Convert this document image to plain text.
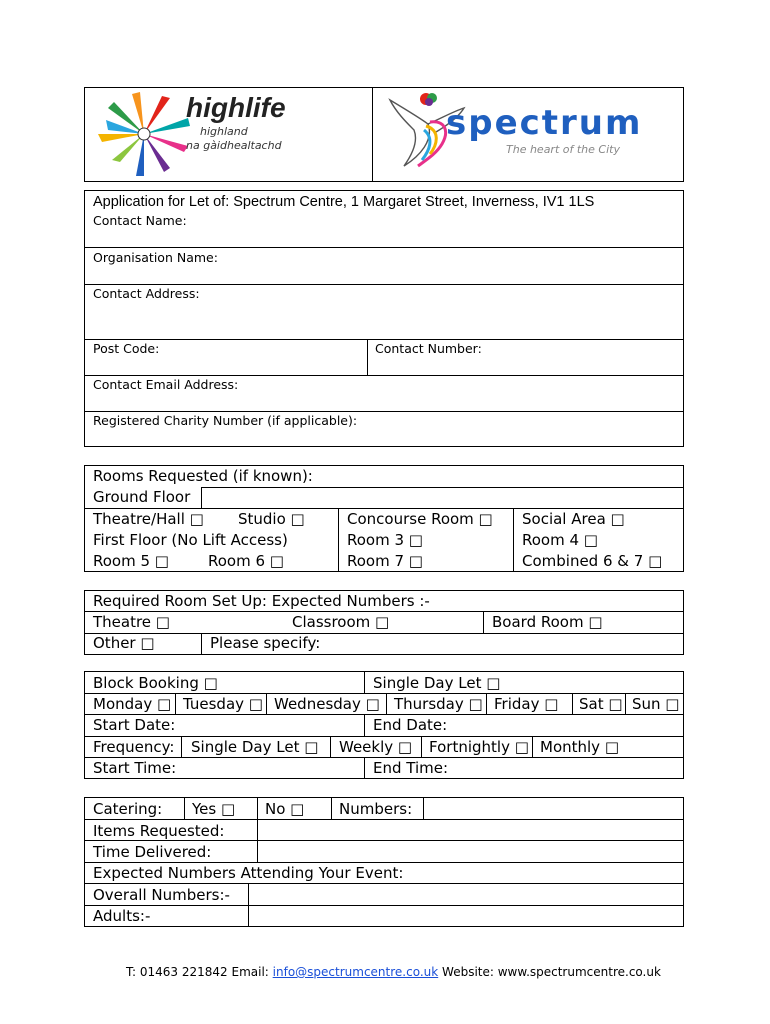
highlife
highland
na gàidhealtachd
spectrum
The heart of the City
Application for Let of: Spectrum Centre, 1 Margaret Street, Inverness, IV1 1LS
Contact Name:
Organisation Name:
Contact Address:
Post Code:	Contact Number:
Contact Email Address:
Registered Charity Number (if applicable):
Rooms Requested (if known):
Ground Floor
Theatre/Hall □ Studio □	Concourse Room □ Social Area □
First Floor (No Lift Access)	Room 3 □	Room 4 □
Room 5 □	Room 6 □	Room 7 □	Combined 6 & 7 □
Required Room Set Up: Expected Numbers :-
Theatre □	Classroom □	Board Room □
Other □	Please specify:
Block Booking □	Single Day Let □
Monday □ Tuesday □ Wednesday □ Thursday □ Friday □ Sat □ Sun □
Start Date:	End Date:
Frequency: Single Day Let □ Weekly □ Fortnightly □ Monthly □
Start Time:	End Time:
Catering: Yes □ No □ Numbers:
Items Requested:
Time Delivered:
Expected Numbers Attending Your Event:
Overall Numbers:-
Adults:-
T: 01463 221842 Email: info@spectrumcentre.co.uk Website: www.spectrumcentre.co.uk
